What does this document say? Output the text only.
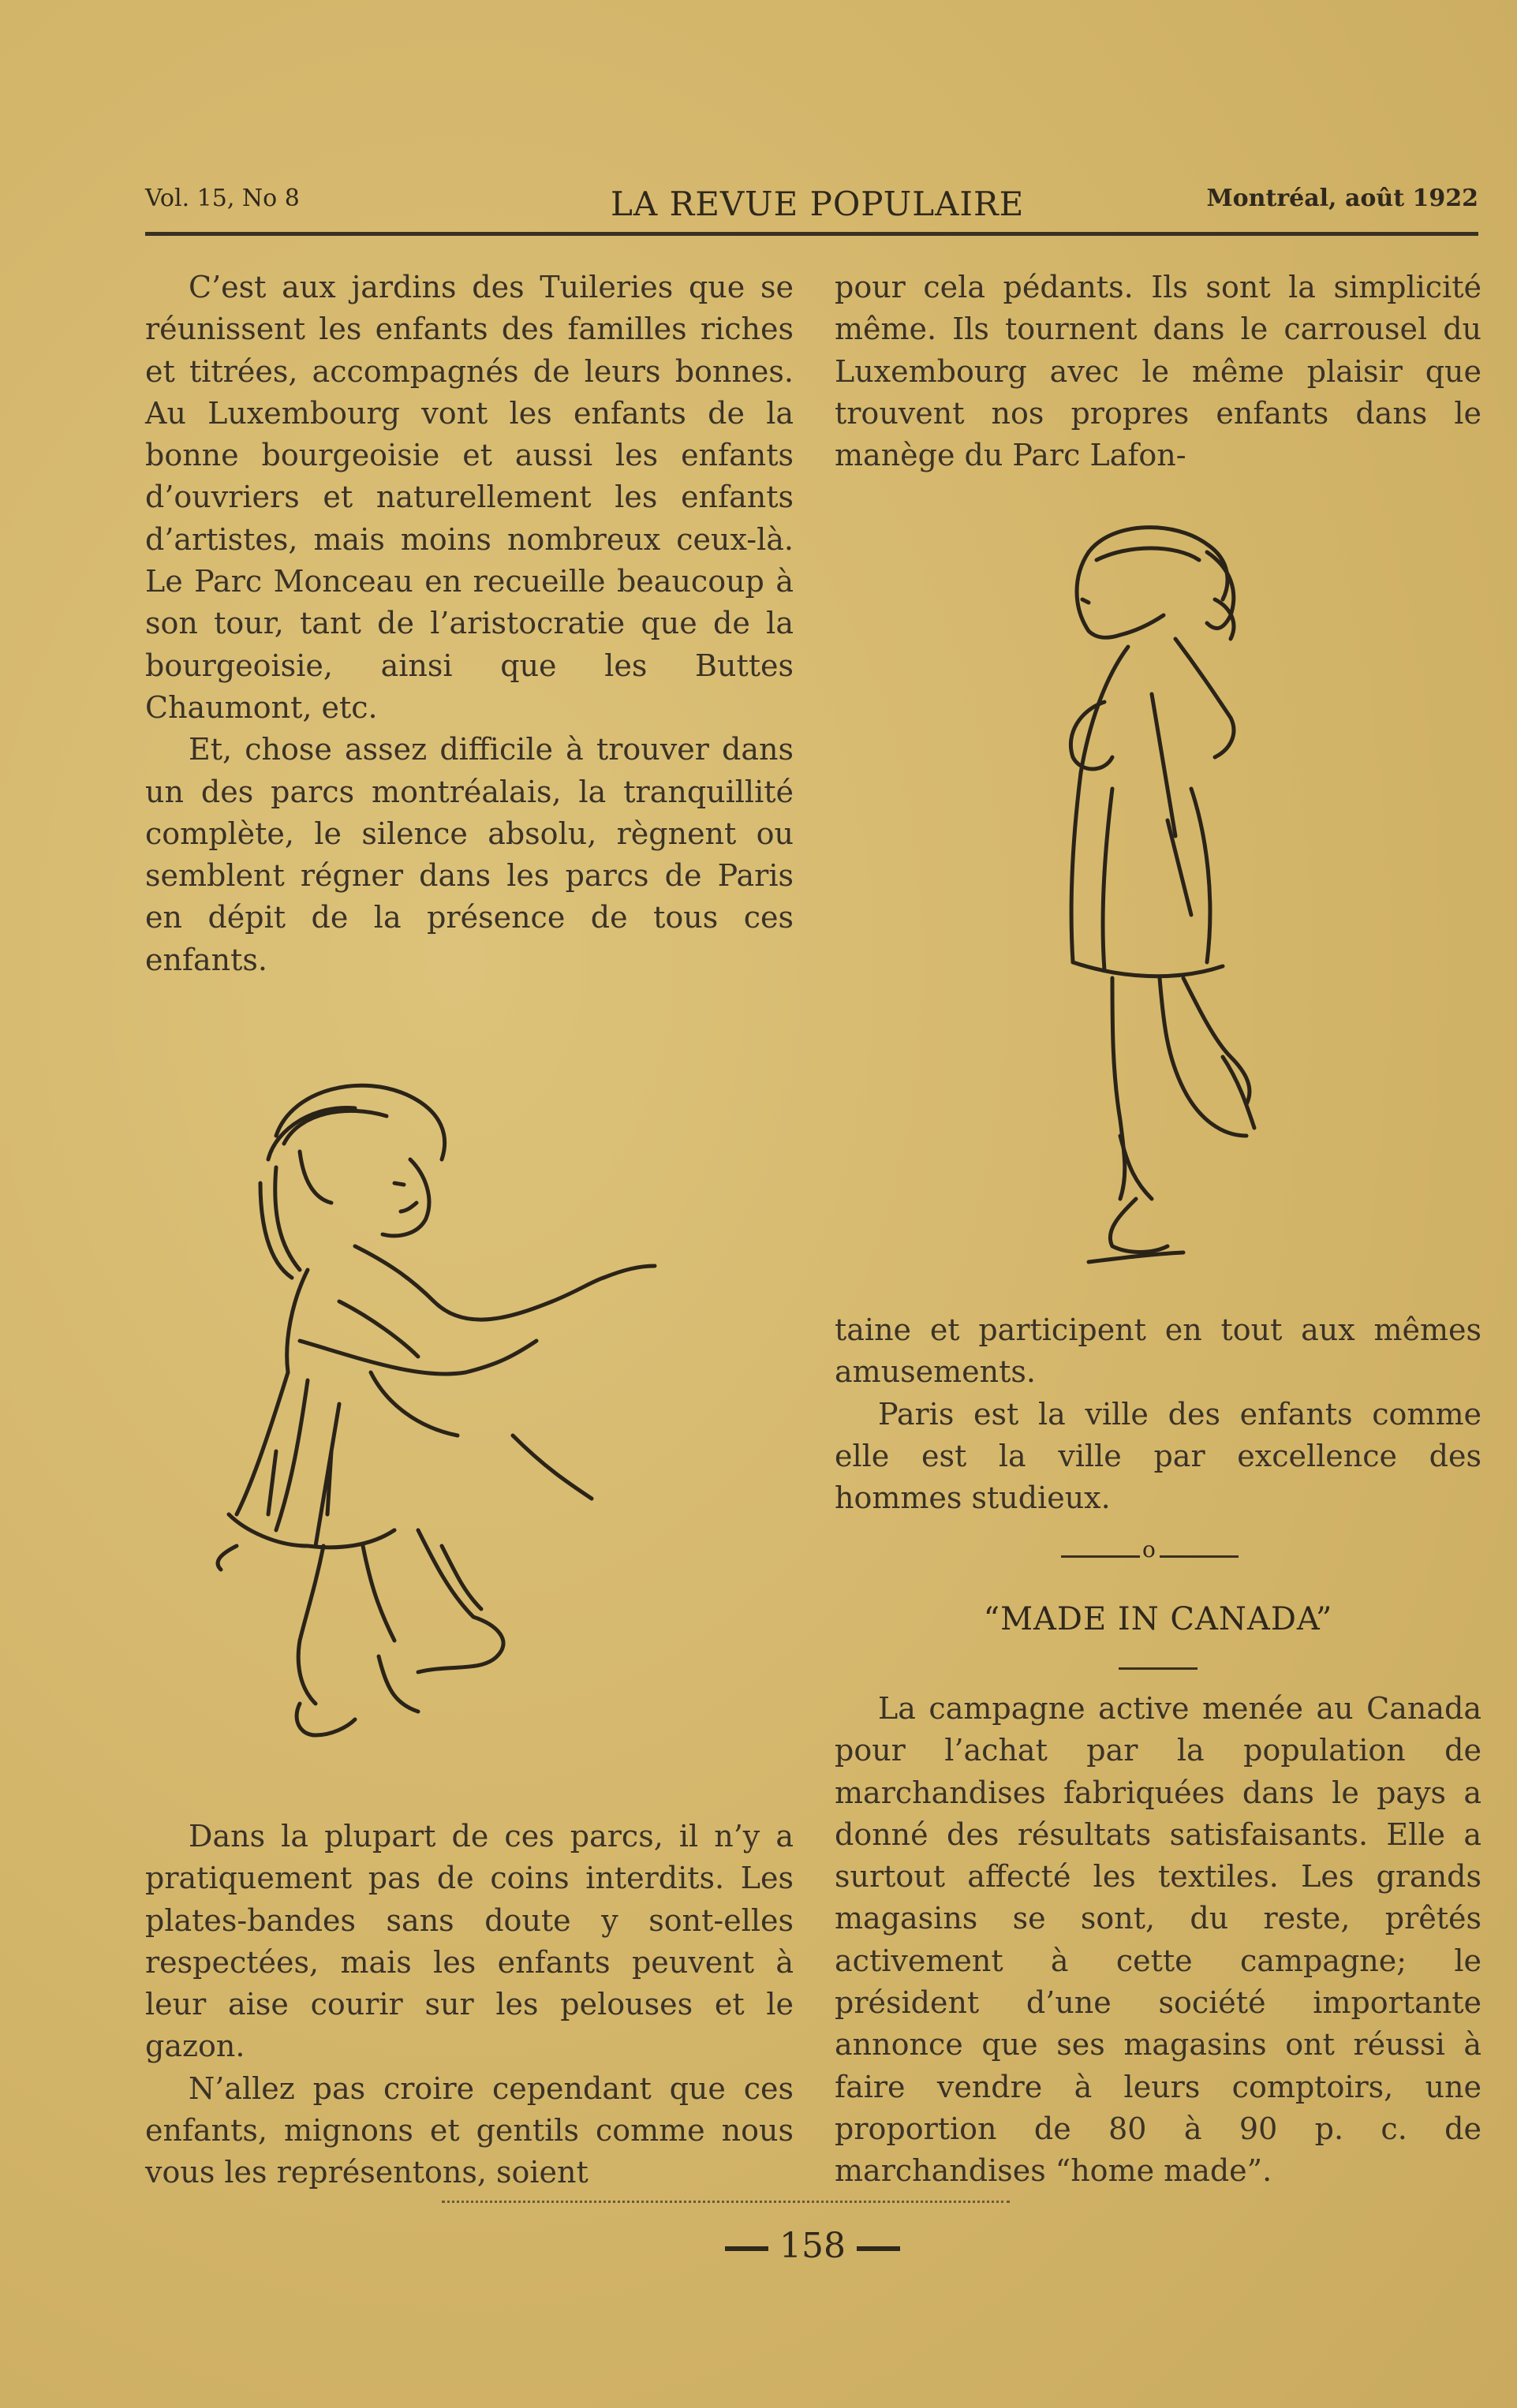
Vol. 15, No 8	LA REVUE POPULAIRE	Montréal, août 1922

C’est aux jardins des Tuileries que se réunissent les enfants des familles riches et titrées, accompagnés de leurs bonnes. Au Luxembourg vont les enfants de la bonne bourgeoisie et aussi les enfants d’ouvriers et naturellement les enfants d’artistes, mais moins nombreux ceux-là. Le Parc Monceau en recueille beaucoup à son tour, tant de l’aristocratie que de la bourgeoisie, ainsi que les Buttes Chaumont, etc.

Et, chose assez difficile à trouver dans un des parcs montréalais, la tranquillité complète, le silence absolu, règnent ou semblent régner dans les parcs de Paris en dépit de la présence de tous ces enfants.

Dans la plupart de ces parcs, il n’y a pratiquement pas de coins interdits. Les plates-bandes sans doute y sont-elles respectées, mais les enfants peuvent à leur aise courir sur les pelouses et le gazon.

N’allez pas croire cependant que ces enfants, mignons et gentils comme nous vous les représentons, soient

pour cela pédants. Ils sont la simplicité même. Ils tournent dans le carrousel du Luxembourg avec le même plaisir que trouvent nos propres enfants dans le manège du Parc Lafon-

taine et participent en tout aux mêmes amusements.

Paris est la ville des enfants comme elle est la ville par excellence des hommes studieux.

o
“MADE IN CANADA”

La campagne active menée au Canada pour l’achat par la population de marchandises fabriquées dans le pays a donné des résultats satisfaisants. Elle a surtout affecté les textiles. Les grands magasins se sont, du reste, prêtés activement à cette campagne; le président d’une société importante annonce que ses magasins ont réussi à faire vendre à leurs comptoirs, une proportion de 80 à 90 p. c. de marchandises “home made”.

158
